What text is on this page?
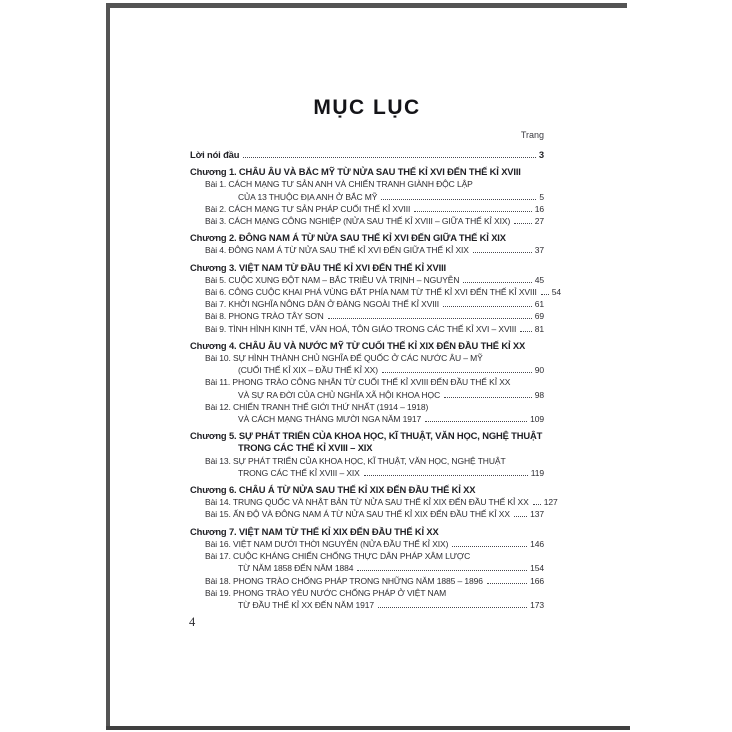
MỤC LỤC
Trang
Lời nói đầu	3
Chương 1. CHÂU ÂU VÀ BẮC MỸ TỪ NỬA SAU THẾ KỈ XVI ĐẾN THẾ KỈ XVIII
Bài 1. CÁCH MẠNG TƯ SẢN ANH VÀ CHIẾN TRANH GIÀNH ĐỘC LẬP
CỦA 13 THUỘC ĐỊA ANH Ở BẮC MỸ	5
Bài 2. CÁCH MẠNG TƯ SẢN PHÁP CUỐI THẾ KỈ XVIII	16
Bài 3. CÁCH MẠNG CÔNG NGHIỆP (NỬA SAU THẾ KỈ XVIII – GIỮA THẾ KỈ XIX)	27
Chương 2. ĐÔNG NAM Á TỪ NỬA SAU THẾ KỈ XVI ĐẾN GIỮA THẾ KỈ XIX
Bài 4. ĐÔNG NAM Á TỪ NỬA SAU THẾ KỈ XVI ĐẾN GIỮA THẾ KỈ XIX	37
Chương 3. VIỆT NAM TỪ ĐẦU THẾ KỈ XVI ĐẾN THẾ KỈ XVIII
Bài 5. CUỘC XUNG ĐỘT NAM – BẮC TRIỀU VÀ TRỊNH – NGUYỄN	45
Bài 6. CÔNG CUỘC KHAI PHÁ VÙNG ĐẤT PHÍA NAM TỪ THẾ KỈ XVI ĐẾN THẾ KỈ XVIII 54
Bài 7. KHỞI NGHĨA NÔNG DÂN Ở ĐÀNG NGOÀI THẾ KỈ XVIII	61
Bài 8. PHONG TRÀO TÂY SƠN	69
Bài 9. TÌNH HÌNH KINH TẾ, VĂN HOÁ, TÔN GIÁO TRONG CÁC THẾ KỈ XVI – XVIII 81
Chương 4. CHÂU ÂU VÀ NƯỚC MỸ TỪ CUỐI THẾ KỈ XIX ĐẾN ĐẦU THẾ KỈ XX
Bài 10. SỰ HÌNH THÀNH CHỦ NGHĨA ĐẾ QUỐC Ở CÁC NƯỚC ÂU – MỸ
(CUỐI THẾ KỈ XIX – ĐẦU THẾ KỈ XX)	90
Bài 11. PHONG TRÀO CÔNG NHÂN TỪ CUỐI THẾ KỈ XVIII ĐẾN ĐẦU THẾ KỈ XX
VÀ SỰ RA ĐỜI CỦA CHỦ NGHĨA XÃ HỘI KHOA HỌC	98
Bài 12. CHIẾN TRANH THẾ GIỚI THỨ NHẤT (1914 – 1918)
VÀ CÁCH MẠNG THÁNG MƯỜI NGA NĂM 1917	109
Chương 5. SỰ PHÁT TRIỂN CỦA KHOA HỌC, KĨ THUẬT, VĂN HỌC, NGHỆ THUẬT
TRONG CÁC THẾ KỈ XVIII – XIX
Bài 13. SỰ PHÁT TRIỂN CỦA KHOA HỌC, KĨ THUẬT, VĂN HỌC, NGHỆ THUẬT
TRONG CÁC THẾ KỈ XVIII – XIX	119
Chương 6. CHÂU Á TỪ NỬA SAU THẾ KỈ XIX ĐẾN ĐẦU THẾ KỈ XX
Bài 14. TRUNG QUỐC VÀ NHẬT BẢN TỪ NỬA SAU THẾ KỈ XIX ĐẾN ĐẦU THẾ KỈ XX 127
Bài 15. ẤN ĐỘ VÀ ĐÔNG NAM Á TỪ NỬA SAU THẾ KỈ XIX ĐẾN ĐẦU THẾ KỈ XX 137
Chương 7. VIỆT NAM TỪ THẾ KỈ XIX ĐẾN ĐẦU THẾ KỈ XX
Bài 16. VIỆT NAM DƯỚI THỜI NGUYỄN (NỬA ĐẦU THẾ KỈ XIX)	146
Bài 17. CUỘC KHÁNG CHIẾN CHỐNG THỰC DÂN PHÁP XÂM LƯỢC
TỪ NĂM 1858 ĐẾN NĂM 1884	154
Bài 18. PHONG TRÀO CHỐNG PHÁP TRONG NHỮNG NĂM 1885 – 1896	166
Bài 19. PHONG TRÀO YÊU NƯỚC CHỐNG PHÁP Ở VIỆT NAM
TỪ ĐẦU THẾ KỈ XX ĐẾN NĂM 1917	173
4
